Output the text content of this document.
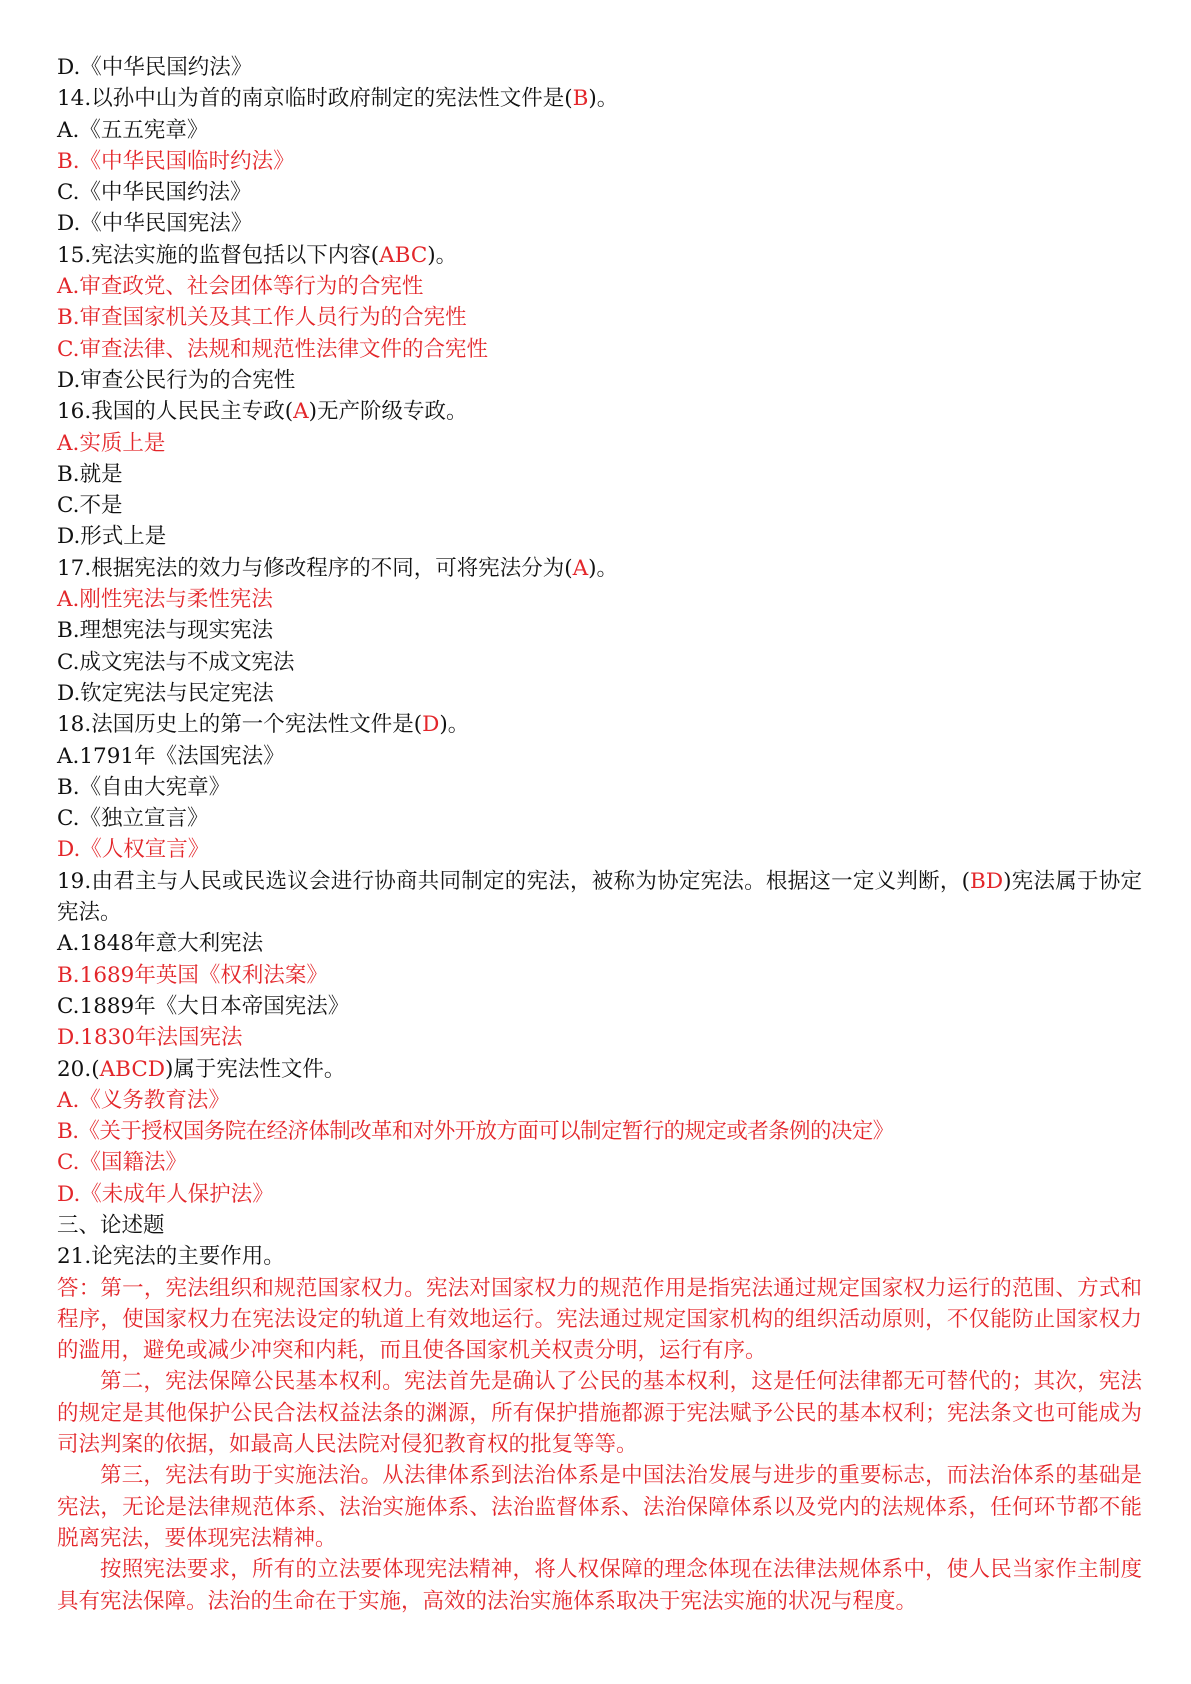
D.《中华民国约法》
14.以孙中山为首的南京临时政府制定的宪法性文件是(B)。
A.《五五宪章》
B.《中华民国临时约法》
C.《中华民国约法》
D.《中华民国宪法》
15.宪法实施的监督包括以下内容(ABC)。
A.审查政党、社会团体等行为的合宪性
B.审查国家机关及其工作人员行为的合宪性
C.审查法律、法规和规范性法律文件的合宪性
D.审查公民行为的合宪性
16.我国的人民民主专政(A)无产阶级专政。
A.实质上是
B.就是
C.不是
D.形式上是
17.根据宪法的效力与修改程序的不同，可将宪法分为(A)。
A.刚性宪法与柔性宪法
B.理想宪法与现实宪法
C.成文宪法与不成文宪法
D.钦定宪法与民定宪法
18.法国历史上的第一个宪法性文件是(D)。
A.1791年《法国宪法》
B.《自由大宪章》
C.《独立宣言》
D.《人权宣言》
19.由君主与人民或民选议会进行协商共同制定的宪法，被称为协定宪法。根据这一定义判断，(BD)宪法属于协定宪法。
A.1848年意大利宪法
B.1689年英国《权利法案》
C.1889年《大日本帝国宪法》
D.1830年法国宪法
20.(ABCD)属于宪法性文件。
A.《义务教育法》
B.《关于授权国务院在经济体制改革和对外开放方面可以制定暂行的规定或者条例的决定》
C.《国籍法》
D.《未成年人保护法》
三、论述题
21.论宪法的主要作用。
答：第一，宪法组织和规范国家权力。宪法对国家权力的规范作用是指宪法通过规定国家权力运行的范围、方式和程序，使国家权力在宪法设定的轨道上有效地运行。宪法通过规定国家机构的组织活动原则，不仅能防止国家权力的滥用，避免或减少冲突和内耗，而且使各国家机关权责分明，运行有序。
第二，宪法保障公民基本权利。宪法首先是确认了公民的基本权利，这是任何法律都无可替代的；其次，宪法的规定是其他保护公民合法权益法条的渊源，所有保护措施都源于宪法赋予公民的基本权利；宪法条文也可能成为司法判案的依据，如最高人民法院对侵犯教育权的批复等等。
第三，宪法有助于实施法治。从法律体系到法治体系是中国法治发展与进步的重要标志，而法治体系的基础是宪法，无论是法律规范体系、法治实施体系、法治监督体系、法治保障体系以及党内的法规体系，任何环节都不能脱离宪法，要体现宪法精神。
按照宪法要求，所有的立法要体现宪法精神，将人权保障的理念体现在法律法规体系中，使人民当家作主制度具有宪法保障。法治的生命在于实施，高效的法治实施体系取决于宪法实施的状况与程度。
